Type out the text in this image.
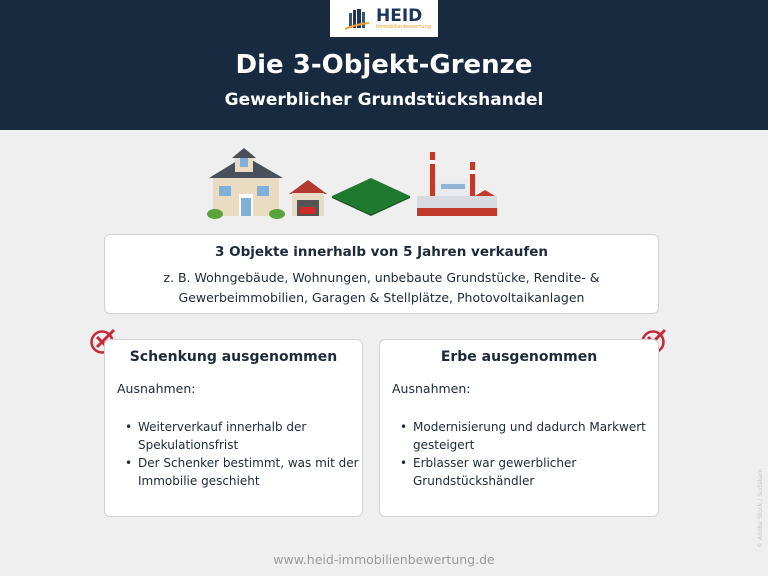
HEID
Immobilienbewertung
Die 3-Objekt-Grenze
Gewerblicher Grundstückshandel
3 Objekte innerhalb von 5 Jahren verkaufen
z. B. Wohngebäude, Wohnungen, unbebaute Grundstücke, Rendite- &
Gewerbeimmobilien, Garagen & Stellplätze, Photovoltaikanlagen
Schenkung ausgenommen
Ausnahmen:
• Weiterverkauf innerhalb der Spekulationsfrist
• Der Schenker bestimmt, was mit der Immobilie geschieht
Erbe ausgenommen
Ausnahmen:
• Modernisierung und dadurch Markwert gesteigert
• Erblasser war gewerblicher Grundstückshändler
www.heid-immobilienbewertung.de
© Adobe Stock / Sudakarn
